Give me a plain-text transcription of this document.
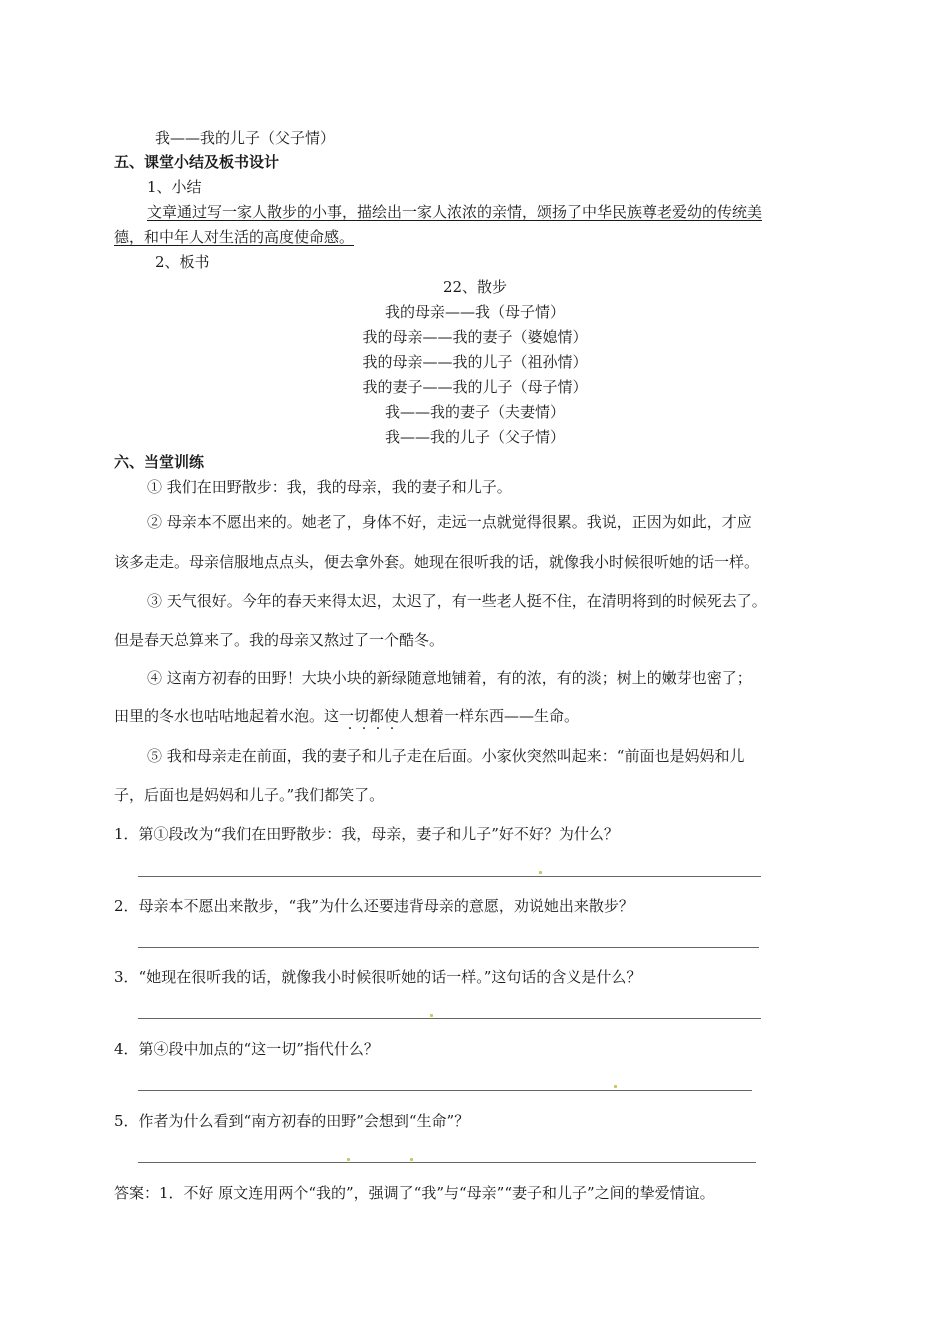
我——我的儿子（父子情）
五、课堂小结及板书设计
1、小结
文章通过写一家人散步的小事，描绘出一家人浓浓的亲情，颂扬了中华民族尊老爱幼的传统美
德，和中年人对生活的高度使命感。
2、板书
22、散步
我的母亲——我（母子情）
我的母亲——我的妻子（婆媳情）
我的母亲——我的儿子（祖孙情）
我的妻子——我的儿子（母子情）
我——我的妻子（夫妻情）
我——我的儿子（父子情）
六、当堂训练
① 我们在田野散步：我，我的母亲，我的妻子和儿子。
② 母亲本不愿出来的。她老了，身体不好，走远一点就觉得很累。我说，正因为如此，才应
该多走走。母亲信服地点点头，便去拿外套。她现在很听我的话，就像我小时候很听她的话一样。
③ 天气很好。今年的春天来得太迟，太迟了，有一些老人挺不住，在清明将到的时候死去了。
但是春天总算来了。我的母亲又熬过了一个酷冬。
④ 这南方初春的田野！大块小块的新绿随意地铺着，有的浓，有的淡；树上的嫩芽也密了；
田里的冬水也咕咕地起着水泡。这一切都使人想着一样东西——生命。
・・・・
⑤ 我和母亲走在前面，我的妻子和儿子走在后面。小家伙突然叫起来：“前面也是妈妈和儿
子，后面也是妈妈和儿子。”我们都笑了。
1．第①段改为“我们在田野散步：我，母亲，妻子和儿子”好不好？为什么？
2．母亲本不愿出来散步，“我”为什么还要违背母亲的意愿，劝说她出来散步？
3．“她现在很听我的话，就像我小时候很听她的话一样。”这句话的含义是什么？
4．第④段中加点的“这一切”指代什么？
5．作者为什么看到“南方初春的田野”会想到“生命”？
答案：1．不好 原文连用两个“我的”，强调了“我”与“母亲”“妻子和儿子”之间的挚爱情谊。
